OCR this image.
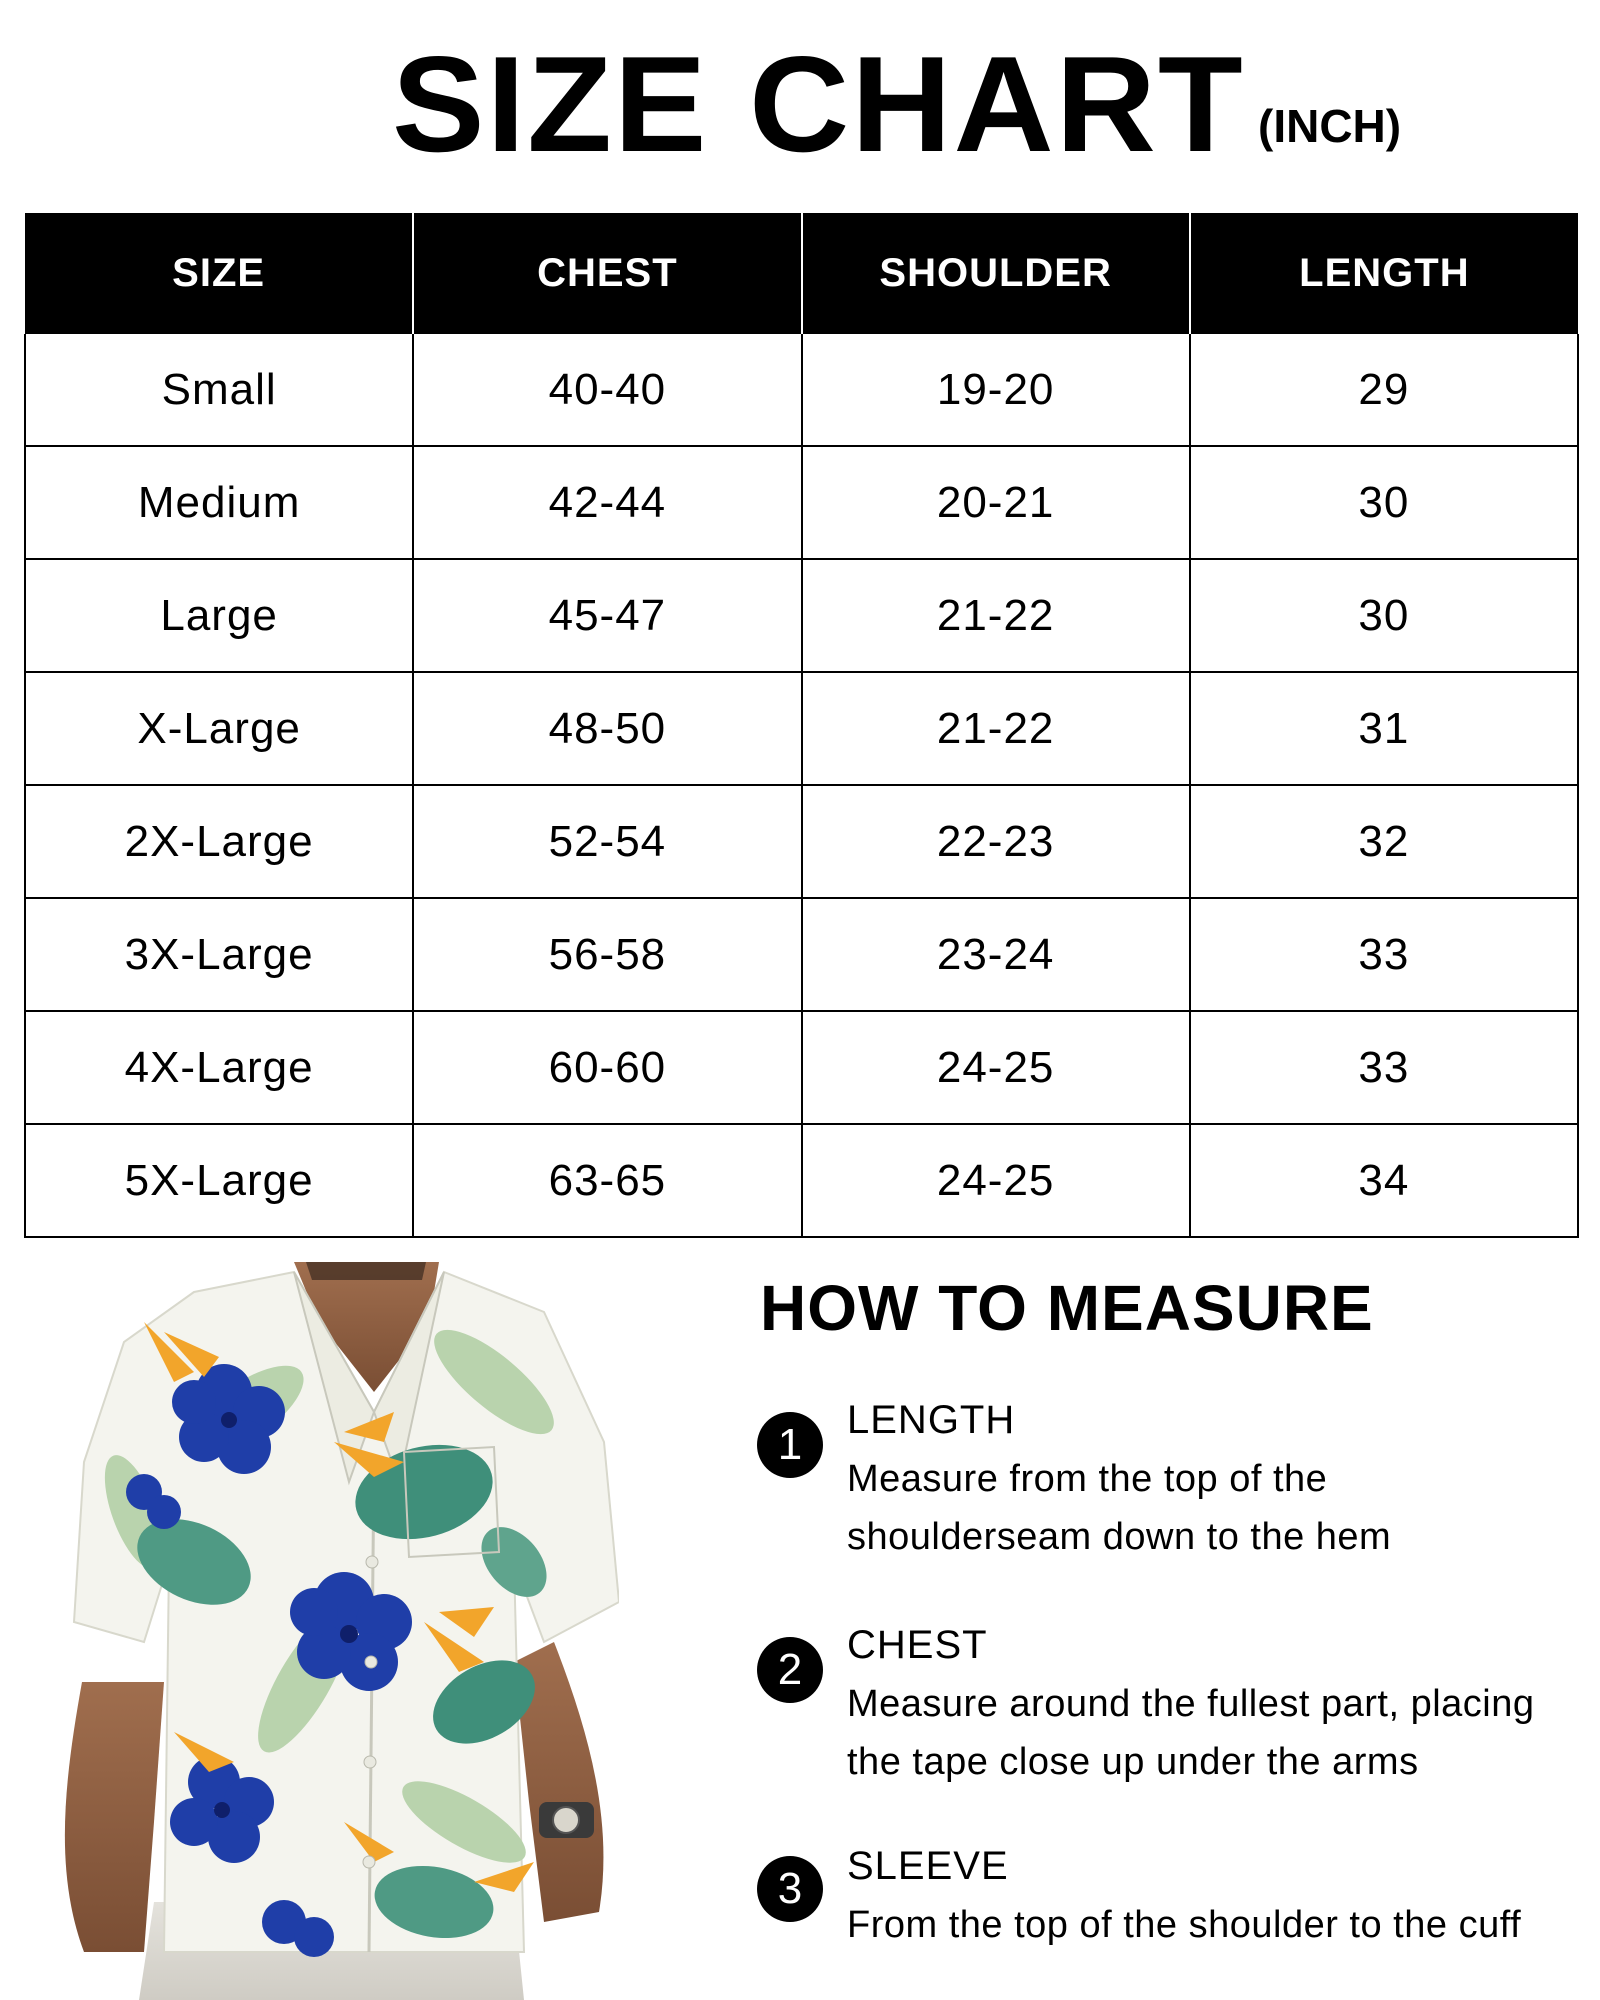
SIZE CHART (INCH)
SIZE	CHEST	SHOULDER	LENGTH
Small	40-40	19-20	29
Medium	42-44	20-21	30
Large	45-47	21-22	30
X-Large	48-50	21-22	31
2X-Large	52-54	22-23	32
3X-Large	56-58	23-24	33
4X-Large	60-60	24-25	33
5X-Large	63-65	24-25	34
HOW TO MEASURE
1	LENGTH
Measure from the top of the
shoulderseam down to the hem
2	CHEST
Measure around the fullest part, placing
the tape close up under the arms
3	SLEEVE
From the top of the shoulder to the cuff
